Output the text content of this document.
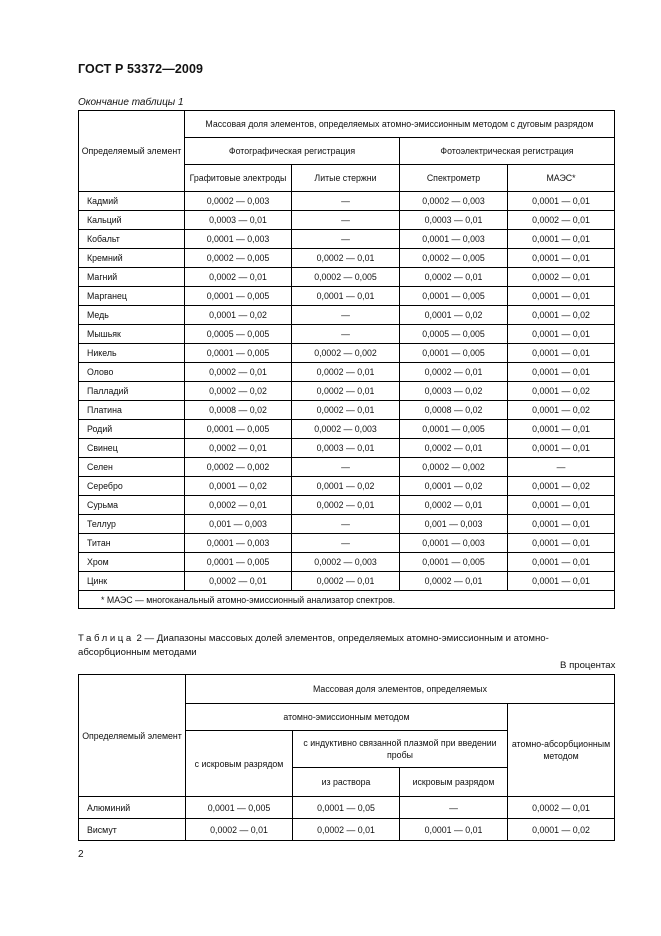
ГОСТ Р 53372—2009
Окончание таблицы 1
Определяемый элемент	Массовая доля элементов, определяемых атомно-эмиссионным методом с дуговым разрядом			
	Фотографическая регистрация		Фотоэлектрическая регистрация	
	Графитовые электроды	Литые стержни	Спектрометр	МАЭС*
Кадмий	0,0002 — 0,003	—	0,0002 — 0,003	0,0001 — 0,01
Кальций	0,0003 — 0,01	—	0,0003 — 0,01	0,0002 — 0,01
Кобальт	0,0001 — 0,003	—	0,0001 — 0,003	0,0001 — 0,01
Кремний	0,0002 — 0,005	0,0002 — 0,01	0,0002 — 0,005	0,0001 — 0,01
Магний	0,0002 — 0,01	0,0002 — 0,005	0,0002 — 0,01	0,0002 — 0,01
Марганец	0,0001 — 0,005	0,0001 — 0,01	0,0001 — 0,005	0,0001 — 0,01
Медь	0,0001 — 0,02	—	0,0001 — 0,02	0,0001 — 0,02
Мышьяк	0,0005 — 0,005	—	0,0005 — 0,005	0,0001 — 0,01
Никель	0,0001 — 0,005	0,0002 — 0,002	0,0001 — 0,005	0,0001 — 0,01
Олово	0,0002 — 0,01	0,0002 — 0,01	0,0002 — 0,01	0,0001 — 0,01
Палладий	0,0002 — 0,02	0,0002 — 0,01	0,0003 — 0,02	0,0001 — 0,02
Платина	0,0008 — 0,02	0,0002 — 0,01	0,0008 — 0,02	0,0001 — 0,02
Родий	0,0001 — 0,005	0,0002 — 0,003	0,0001 — 0,005	0,0001 — 0,01
Свинец	0,0002 — 0,01	0,0003 — 0,01	0,0002 — 0,01	0,0001 — 0,01
Селен	0,0002 — 0,002	—	0,0002 — 0,002	—
Серебро	0,0001 — 0,02	0,0001 — 0,02	0,0001 — 0,02	0,0001 — 0,02
Сурьма	0,0002 — 0,01	0,0002 — 0,01	0,0002 — 0,01	0,0001 — 0,01
Теллур	0,001 — 0,003	—	0,001 — 0,003	0,0001 — 0,01
Титан	0,0001 — 0,003	—	0,0001 — 0,003	0,0001 — 0,01
Хром	0,0001 — 0,005	0,0002 — 0,003	0,0001 — 0,005	0,0001 — 0,01
Цинк	0,0002 — 0,01	0,0002 — 0,01	0,0002 — 0,01	0,0001 — 0,01
* МАЭС — многоканальный атомно-эмиссионный анализатор спектров.				
Таблица 2 — Диапазоны массовых долей элементов, определяемых атомно-эмиссионным и атомно-абсорбционным методами
В процентах
Определяемый элемент	Массовая доля элементов, определяемых			
	атомно-эмиссионным методом			атомно-абсорбционным методом
	с искровым разрядом	с индуктивно связанной плазмой при введении пробы		
		из раствора	искровым разрядом	
Алюминий	0,0001 — 0,005	0,0001 — 0,05	—	0,0002 — 0,01
Висмут	0,0002 — 0,01	0,0002 — 0,01	0,0001 — 0,01	0,0001 — 0,02
2
